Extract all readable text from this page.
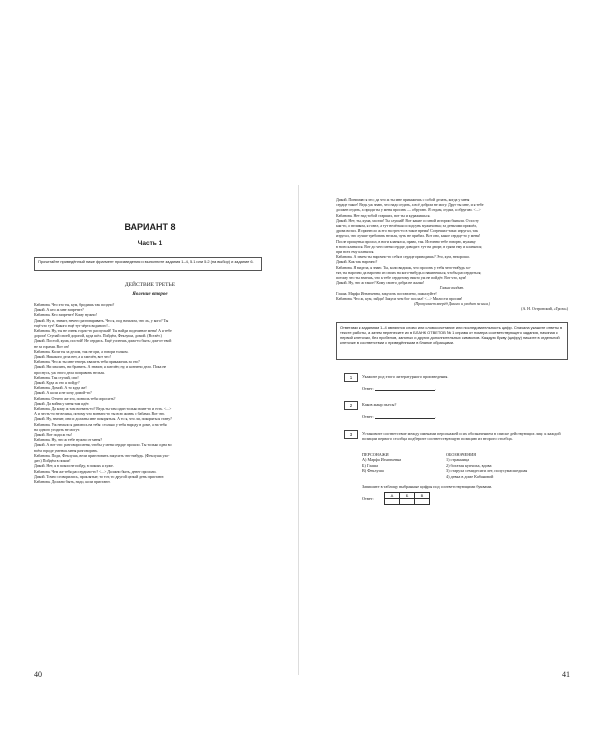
ВАРИАНТ 8
Часть 1
Прочитайте приведённый ниже фрагмент произведения и выполните задания 1–4, 5.1 или 5.2 (на выбор) и задание 6.
ДЕЙСТВИЕ ТРЕТЬЕ
Явление второе
Кабанова. Что это ты, кум, бродишь так поздно?
Дикой. А кто ж мне запретит?
Кабанова. Кто запретит! Кому нужно!
Дикой. Ну и, значит, нечего разговаривать. Что я, под началом, что ль, у кого? Ты
ещё что тут! Какого ещё тут чёрта водяного!..
Кабанова. Ну, ты не очень горло-то распускай! Ты найди подешевле меня! А я тебе
дорога! Ступай своей дорогой, куда шёл. Пойдём, Феклуша, домой. (Встаёт.)
Дикой. Постой, кума, постой! Не сердись. Ещё успеешь дома-то быть: дом-от твой
не за горами. Вот он!
Кабанова. Коли ты за делом, так не ори, а говори толком.
Дикой. Никакого дела нет, а я хмелён, вот что!
Кабанова. Что ж ты мне теперь хвалить тебя прикажешь за это?
Дикой. Ни хвалить, ни бранить. А значит, я хмелён; ну, и кончено дело. Пока не
проснусь, уж этого дела поправить нельзя.
Кабанова. Так ступай, спи!
Дикой. Куда ж это я пойду?
Кабанова. Домой. А то куда же!
Дикой. А коли я не хочу домой-то?
Кабанова. Отчего же это, позволь тебя спросить?
Дикой. Да война у меня там идёт.
Кабанова. Да кому ж там воевать-то? Ведь ты там один только воин-то и есть. <...>
А и честь-то не велика, потому что воевать-то ты всю жизнь с бабами. Вот что.
Дикой. Ну, значит, они и должны мне покоряться. А то я, что ли, покоряться стану?
Кабанова. Уж немало я дивлюсь на тебя: столько у тебя народу в доме, а на тебя
на одного угодить не могут.
Дикой. Вот поди ж ты!
Кабанова. Ну, что ж тебе нужно от меня?
Дикой. А вот что: разговори меня, чтобы у меня сердце прошло. Ты только одна во
всём городе умеешь меня разговорить.
Кабанова. Поди, Феклуша, вели приготовить закусить что-нибудь. (Феклуша ухо-
дит.) Пойдём в покои!
Дикой. Нет, я в покои не пойду, в покоях я хуже.
Кабанова. Чем же тебя рассердили-то? <...> Должно быть, денег просили.
Дикой. Точно сговорились, проклятые; то тот, то другой целый день пристают.
Кабанова. Должно быть, надо, коли пристают.
40
Дикой. Понимаю я это; да что ж ты мне прикажешь с собой делать, когда у меня
сердце такое! Ведь уж знаю, что надо отдать, а всё добром не могу. Друг ты мне, и я тебе
должен отдать, а приди ты у меня просить — обругаю. Я отдам, отдам, а обругаю. <...>
Кабанова. Нет над тобой старших, вот ты и куражишься.
Дикой. Нет, ты, кума, молчи! Ты слушай! Вот какие со мной истории бывали. О посту
как-то, о великом, я говел, а тут нелёгкая и подсунь мужичонка; за деньгами пришёл,
дрова возил. И принесло ж его на грех-то в такое время! Согрешил-таки: изругал, так
изругал, что лучше требовать нельзя, чуть не прибил. Вот оно, какое сердце-то у меня!
После прощенья просил, в ноги кланялся, право, так. Истинно тебе говорю, мужику
в ноги кланялся. Вот до чего меня сердце доводит: тут на дворе, в грязи ему и кланялся;
при всех ему кланялся.
Кабанова. А зачем ты нарочно-то себя в сердце приводишь? Это, кум, нехорошо.
Дикой. Как так нарочно?
Кабанова. Я видела, я знаю. Ты, коли видишь, что просить у тебя чего-нибудь хо-
тят, ты нарочно да нарочно из своих на кого-нибудь и накинешься, чтобы рассердиться;
потому что ты знаешь, что к тебе сердитому никто уж не пойдёт. Вот что, кум!
Дикой. Ну, что ж такое? Кому своего добра не жалко!
Глаша входит.
Глаша. Марфа Игнатьевна, закусить поставлено, пожалуйте!
Кабанова. Что ж, кум, зайди! Закуси чем бог послал! <...> Милости просим!
(Пропускает вперёд Дикого и уходит за ним.)
(А. Н. Островский, «Гроза»)
Ответами к заданиям 1–4 являются слово или словосочетание или последовательность цифр. Сначала укажите ответы в тексте работы, а затем перенесите их в БЛАНК ОТВЕТОВ № 1 справа от номера соответствующего задания, начиная с первой клеточки, без пробелов, запятых и других дополнительных символов. Каждую букву (цифру) пишите в отдельной клеточке в соответствии с приведёнными в бланке образцами.
1	Укажите род этого литературного произведения.
Ответ:	.
2	Каков жанр пьесы?
Ответ:	.
3	Установите соответствие между именами персонажей и их обозначением в списке действующих лиц: к каждой позиции первого столбца подберите соответствующую позицию из второго столбца.
ПЕРСОНАЖИ
А) Марфа Игнатьевна
Б) Глаша
В) Феклуша
ОБОЗНАЧЕНИЯ
1) странница
2) богатая купчиха, вдова
3) старуха семидесяти лет, полусумасшедшая
4) девка в доме Кабановой
Запишите в таблицу выбранные цифры под соответствующими буквами.
Ответ:
А	Б	В

41
